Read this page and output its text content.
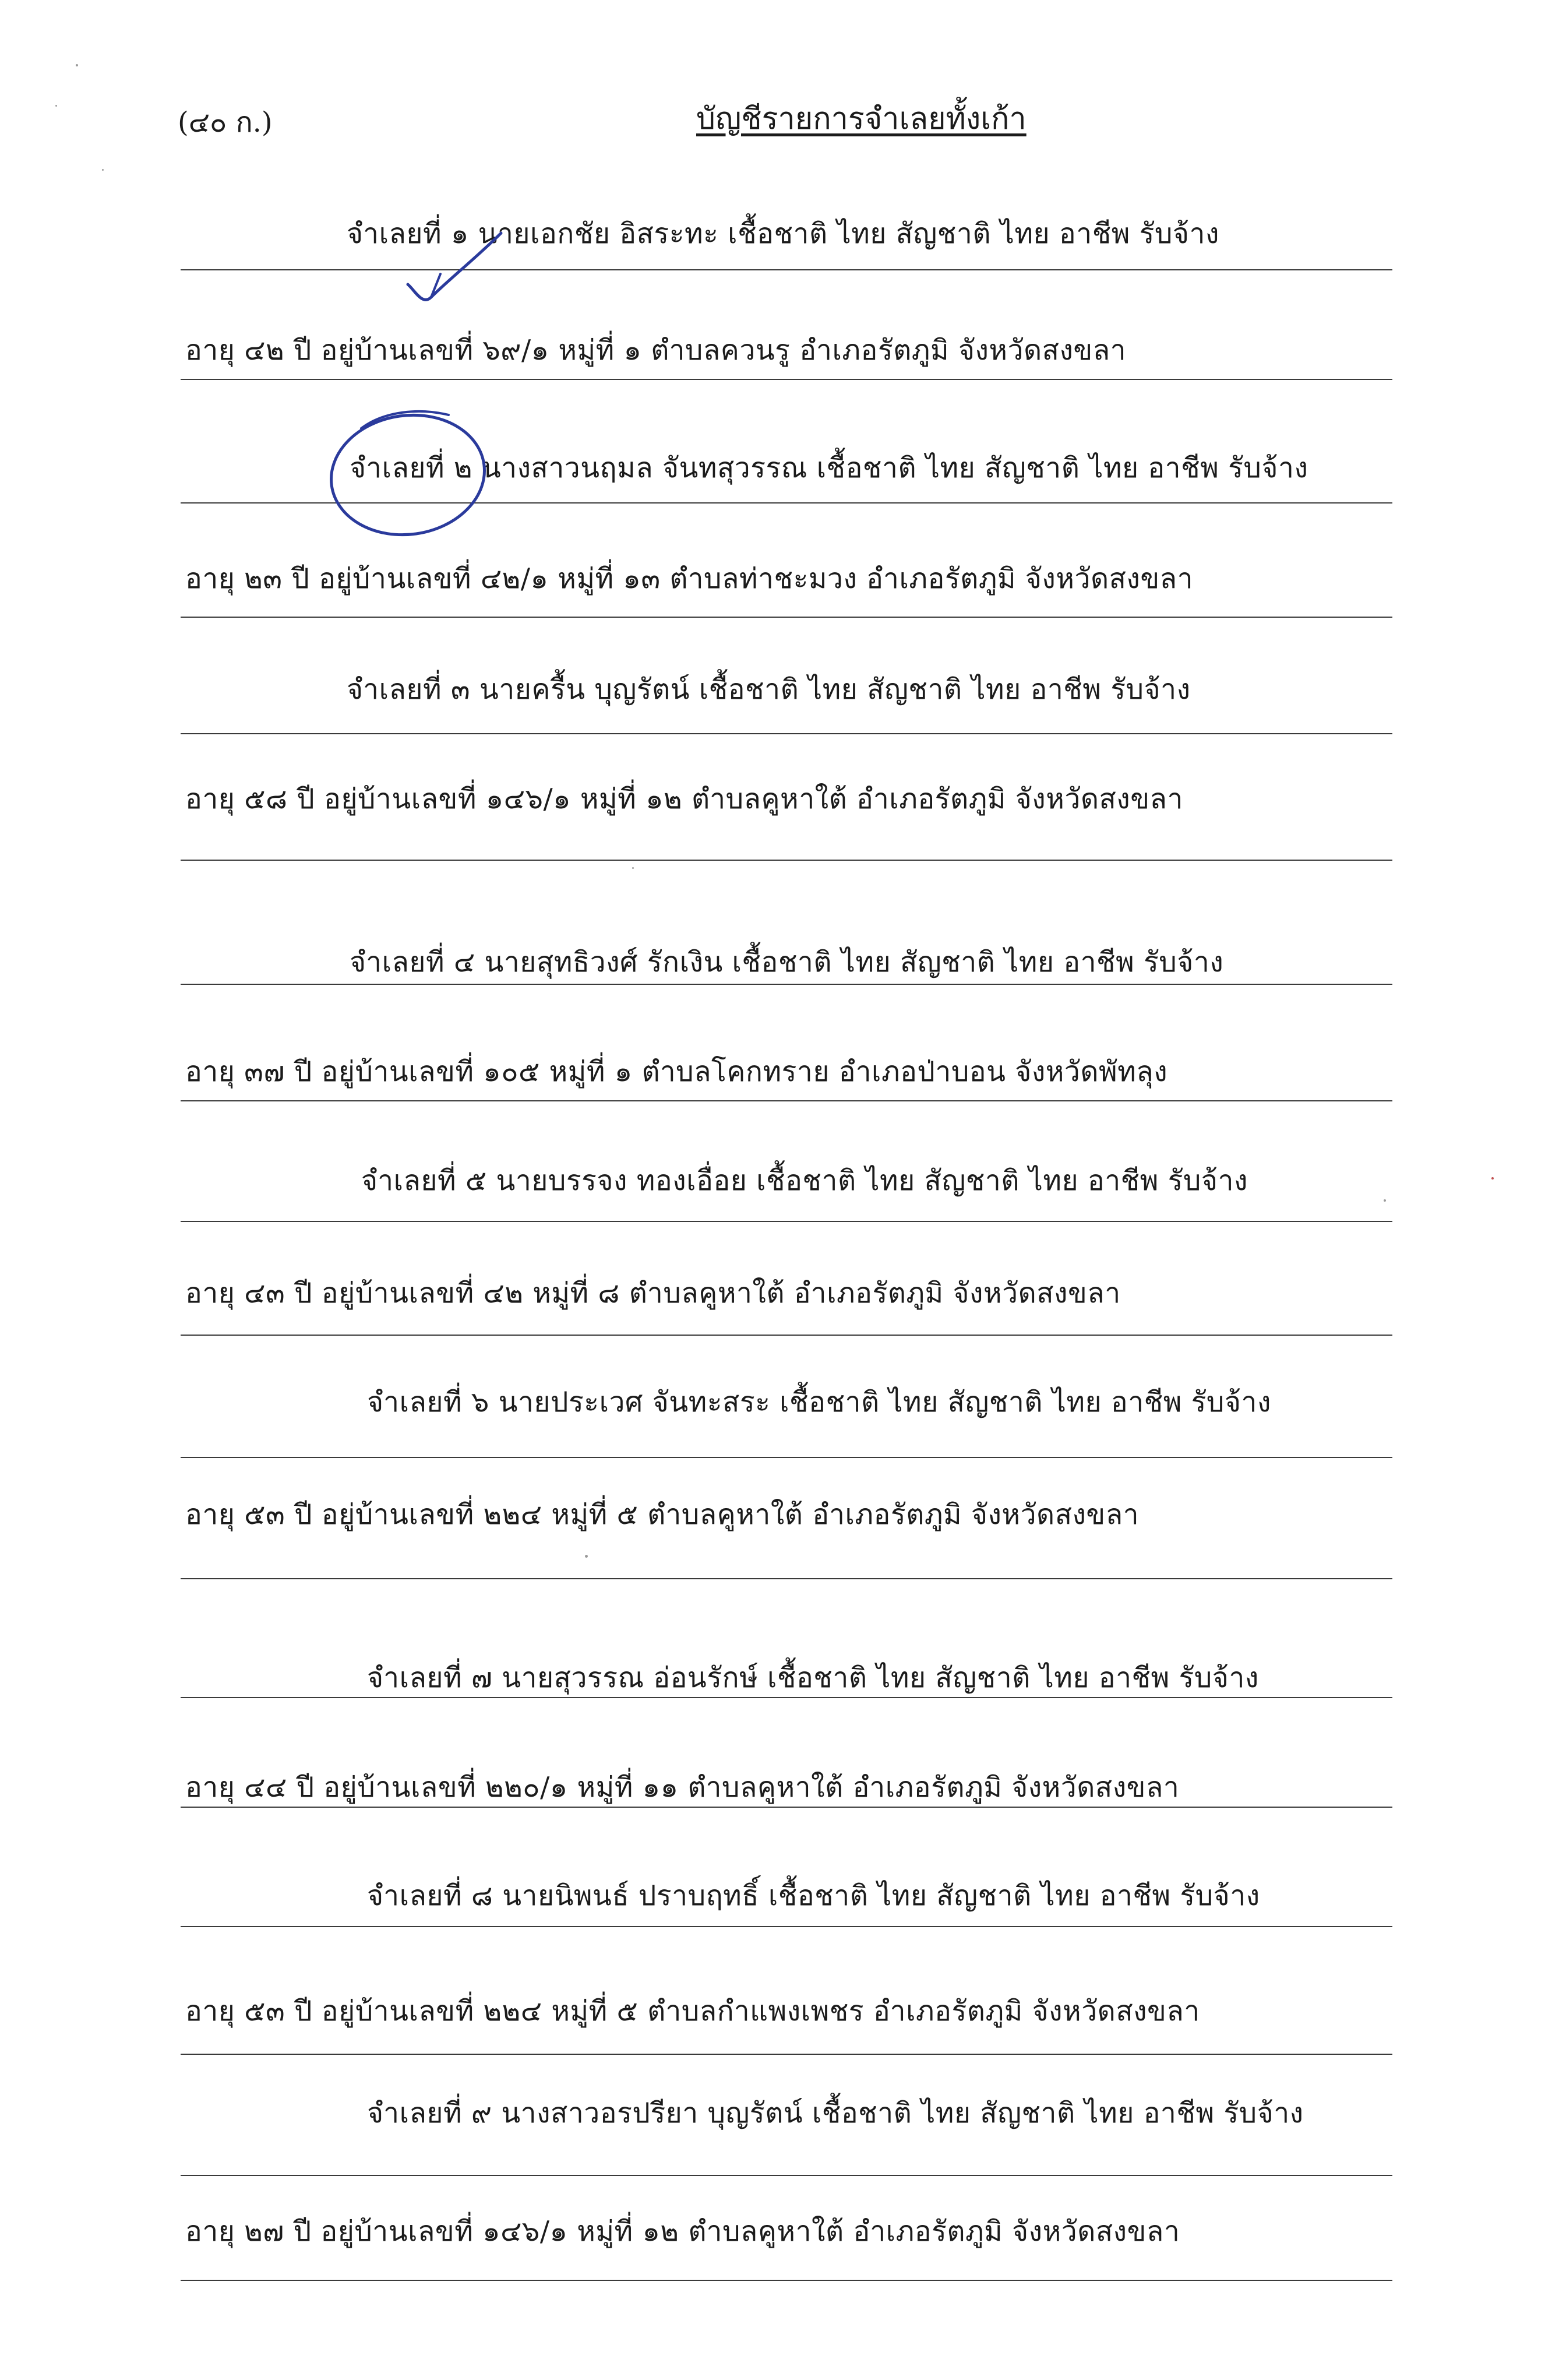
(๔๐ ก.)	บัญชีรายการจำเลยทั้งเก้า
จำเลยที่ ๑ นายเอกชัย อิสระทะ เชื้อชาติ ไทย สัญชาติ ไทย อาชีพ รับจ้าง
อายุ ๔๒ ปี อยู่บ้านเลขที่ ๖๙/๑ หมู่ที่ ๑ ตำบลควนรู อำเภอรัตภูมิ จังหวัดสงขลา
จำเลยที่ ๒ นางสาวนฤมล จันทสุวรรณ เชื้อชาติ ไทย สัญชาติ ไทย อาชีพ รับจ้าง
อายุ ๒๓ ปี อยู่บ้านเลขที่ ๔๒/๑ หมู่ที่ ๑๓ ตำบลท่าชะมวง อำเภอรัตภูมิ จังหวัดสงขลา
จำเลยที่ ๓ นายครื้น บุญรัตน์ เชื้อชาติ ไทย สัญชาติ ไทย อาชีพ รับจ้าง
อายุ ๕๘ ปี อยู่บ้านเลขที่ ๑๔๖/๑ หมู่ที่ ๑๒ ตำบลคูหาใต้ อำเภอรัตภูมิ จังหวัดสงขลา
จำเลยที่ ๔ นายสุทธิวงศ์ รักเงิน เชื้อชาติ ไทย สัญชาติ ไทย อาชีพ รับจ้าง
อายุ ๓๗ ปี อยู่บ้านเลขที่ ๑๐๕ หมู่ที่ ๑ ตำบลโคกทราย อำเภอป่าบอน จังหวัดพัทลุง
จำเลยที่ ๕ นายบรรจง ทองเอื่อย เชื้อชาติ ไทย สัญชาติ ไทย อาชีพ รับจ้าง
อายุ ๔๓ ปี อยู่บ้านเลขที่ ๔๒ หมู่ที่ ๘ ตำบลคูหาใต้ อำเภอรัตภูมิ จังหวัดสงขลา
จำเลยที่ ๖ นายประเวศ จันทะสระ เชื้อชาติ ไทย สัญชาติ ไทย อาชีพ รับจ้าง
อายุ ๕๓ ปี อยู่บ้านเลขที่ ๒๒๔ หมู่ที่ ๕ ตำบลคูหาใต้ อำเภอรัตภูมิ จังหวัดสงขลา
จำเลยที่ ๗ นายสุวรรณ อ่อนรักษ์ เชื้อชาติ ไทย สัญชาติ ไทย อาชีพ รับจ้าง
อายุ ๔๔ ปี อยู่บ้านเลขที่ ๒๒๐/๑ หมู่ที่ ๑๑ ตำบลคูหาใต้ อำเภอรัตภูมิ จังหวัดสงขลา
จำเลยที่ ๘ นายนิพนธ์ ปราบฤทธิ์ เชื้อชาติ ไทย สัญชาติ ไทย อาชีพ รับจ้าง
อายุ ๕๓ ปี อยู่บ้านเลขที่ ๒๒๔ หมู่ที่ ๕ ตำบลกำแพงเพชร อำเภอรัตภูมิ จังหวัดสงขลา
จำเลยที่ ๙ นางสาวอรปรียา บุญรัตน์ เชื้อชาติ ไทย สัญชาติ ไทย อาชีพ รับจ้าง
อายุ ๒๗ ปี อยู่บ้านเลขที่ ๑๔๖/๑ หมู่ที่ ๑๒ ตำบลคูหาใต้ อำเภอรัตภูมิ จังหวัดสงขลา
